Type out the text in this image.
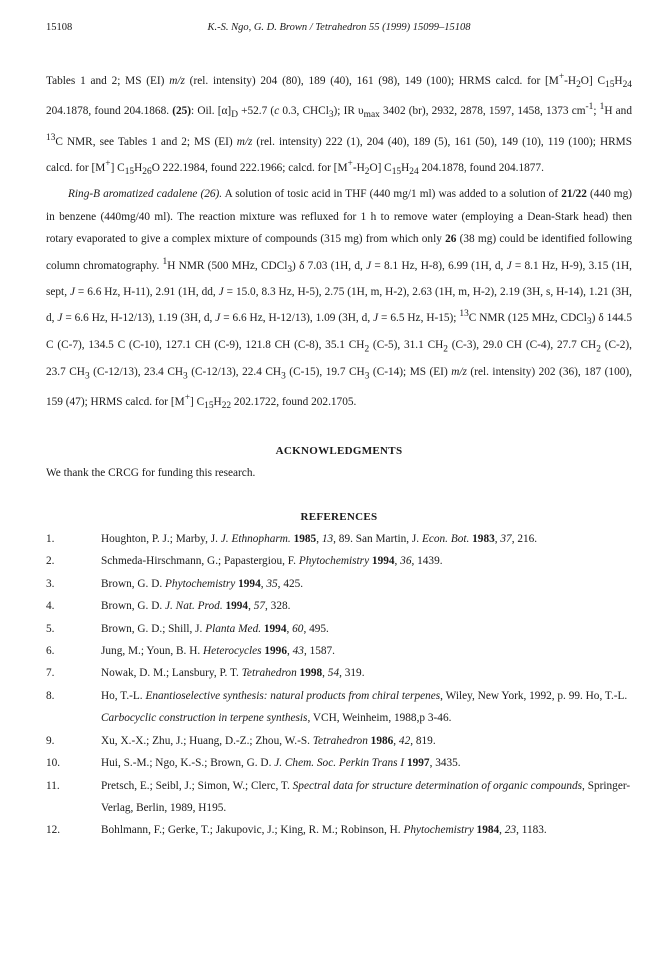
15108	K.-S. Ngo, G. D. Brown / Tetrahedron 55 (1999) 15099–15108

Tables 1 and 2; MS (EI) m/z (rel. intensity) 204 (80), 189 (40), 161 (98), 149 (100); HRMS calcd. for $[M^+-H_2O]$ $C_{15}H_{24}$ 204.1878, found 204.1868. (25): Oil. $[\alpha]_D +52.7$ (c 0.3, CHCl$_3$); IR $\upsilon_{max}$ 3402 (br), 2932, 2878, 1597, 1458, 1373 $cm^{-1}$; $^1$H and $^{13}$C NMR, see Tables 1 and 2; MS (EI) m/z (rel. intensity) 222 (1), 204 (40), 189 (5), 161 (50), 149 (10), 119 (100); HRMS calcd. for [M+] $C_{15}H_{26}O$ 222.1984, found 222.1966; calcd. for $[M^+-H_2O]$ $C_{15}H_{24}$ 204.1878, found 204.1877.

Ring-B aromatized cadalene (26). A solution of tosic acid in THF (440 mg/1 ml) was added to a solution of 21/22 (440 mg) in benzene (440mg/40 ml). The reaction mixture was refluxed for 1 h to remove water (employing a Dean-Stark head) then rotary evaporated to give a complex mixture of compounds (315 mg) from which only 26 (38 mg) could be identified following column chromatography. $^1$H NMR (500 MHz, CDCl$_3$) δ 7.03 (1H, d, J = 8.1 Hz, H-8), 6.99 (1H, d, J = 8.1 Hz, H-9), 3.15 (1H, sept, J = 6.6 Hz, H-11), 2.91 (1H, dd, J = 15.0, 8.3 Hz, H-5), 2.75 (1H, m, H-2), 2.63 (1H, m, H-2), 2.19 (3H, s, H-14), 1.21 (3H, d, J = 6.6 Hz, H-12/13), 1.19 (3H, d, J = 6.6 Hz, H-12/13), 1.09 (3H, d, J = 6.5 Hz, H-15); $^{13}$C NMR (125 MHz, CDCl$_3$) δ 144.5 C (C-7), 134.5 C (C-10), 127.1 CH (C-9), 121.8 CH (C-8), 35.1 $CH_2$ (C-5), 31.1 $CH_2$ (C-3), 29.0 CH (C-4), 27.7 $CH_2$ (C-2), 23.7 $CH_3$ (C-12/13), 23.4 $CH_3$ (C-12/13), 22.4 $CH_3$ (C-15), 19.7 $CH_3$ (C-14); MS (EI) m/z (rel. intensity) 202 (36), 187 (100), 159 (47); HRMS calcd. for [M+] $C_{15}H_{22}$ 202.1722, found 202.1705.

ACKNOWLEDGMENTS

We thank the CRCG for funding this research.

REFERENCES
1.	Houghton, P. J.; Marby, J. J. Ethnopharm. 1985, 13, 89. San Martin, J. Econ. Bot. 1983, 37, 216.
2.	Schmeda-Hirschmann, G.; Papastergiou, F. Phytochemistry 1994, 36, 1439.
3.	Brown, G. D. Phytochemistry 1994, 35, 425.
4.	Brown, G. D. J. Nat. Prod. 1994, 57, 328.
5.	Brown, G. D.; Shill, J. Planta Med. 1994, 60, 495.
6.	Jung, M.; Youn, B. H. Heterocycles 1996, 43, 1587.
7.	Nowak, D. M.; Lansbury, P. T. Tetrahedron 1998, 54, 319.
8.	Ho, T.-L. Enantioselective synthesis: natural products from chiral terpenes, Wiley, New York, 1992, p. 99. Ho, T.-L. Carbocyclic construction in terpene synthesis, VCH, Weinheim, 1988,p 3-46.
9.	Xu, X.-X.; Zhu, J.; Huang, D.-Z.; Zhou, W.-S. Tetrahedron 1986, 42, 819.
10.	Hui, S.-M.; Ngo, K.-S.; Brown, G. D. J. Chem. Soc. Perkin Trans I 1997, 3435.
11.	Pretsch, E.; Seibl, J.; Simon, W.; Clerc, T. Spectral data for structure determination of organic compounds, Springer-Verlag, Berlin, 1989, H195.
12.	Bohlmann, F.; Gerke, T.; Jakupovic, J.; King, R. M.; Robinson, H. Phytochemistry 1984, 23, 1183.
